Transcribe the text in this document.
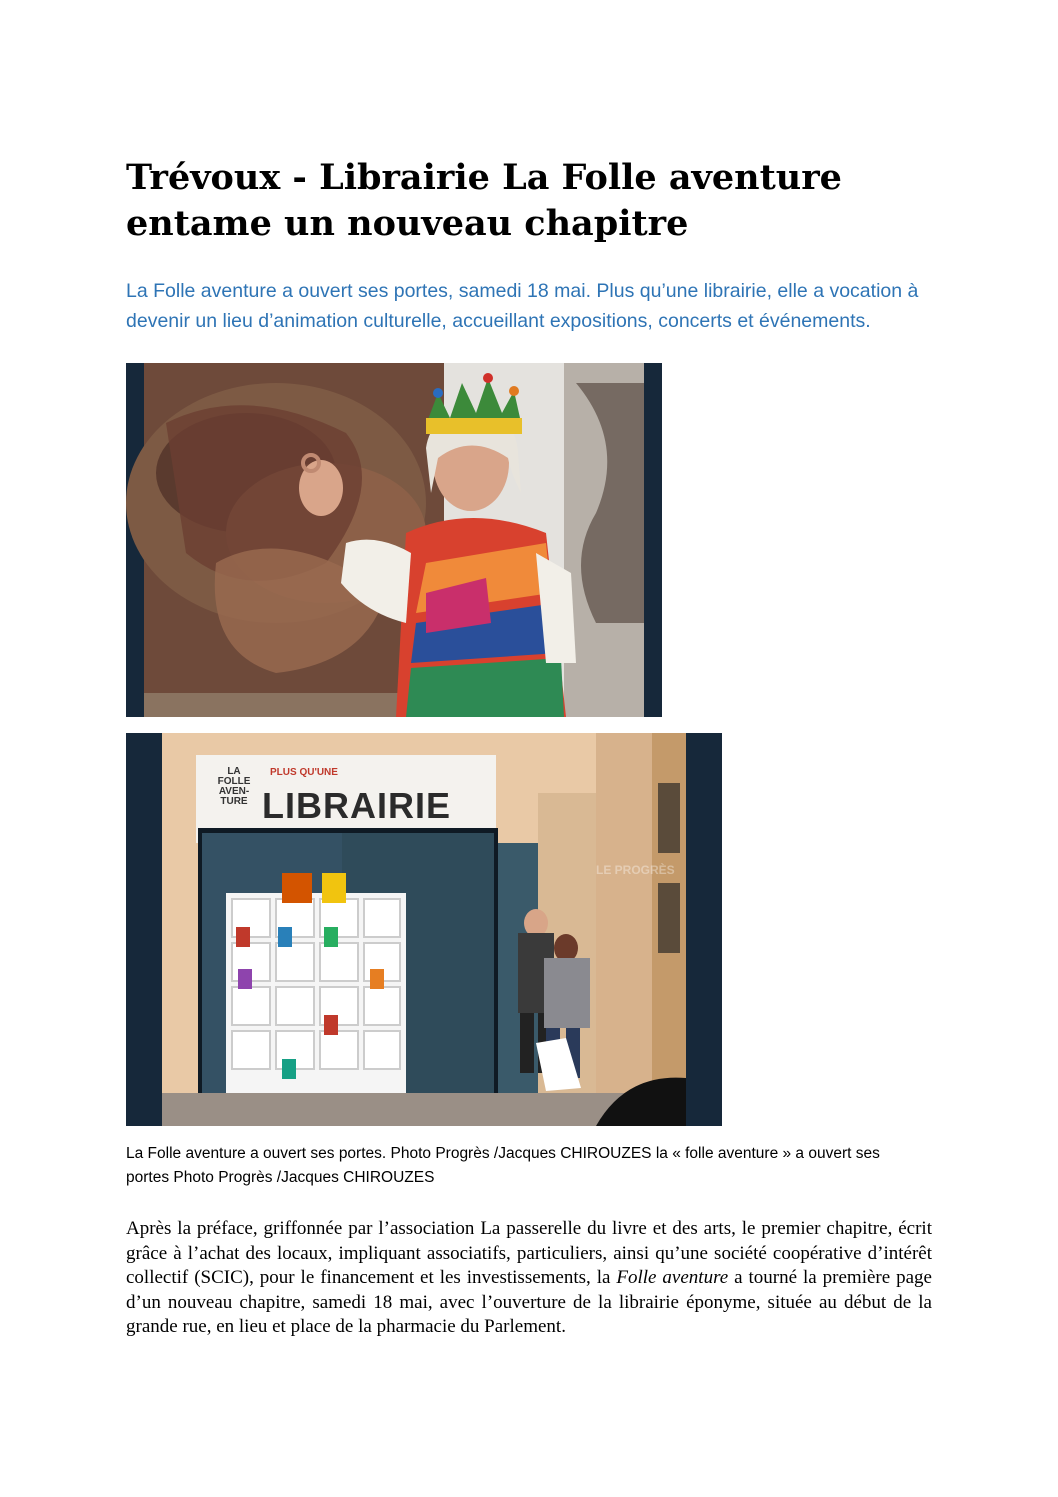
Trévoux - Librairie La Folle aventure entame un nouveau chapitre

La Folle aventure a ouvert ses portes, samedi 18 mai. Plus qu’une librairie, elle a vocation à devenir un lieu d’animation culturelle, accueillant expositions, concerts et événements.

LA
FOLLE
AVEN-
TURE
PLUS QU'UNE
LIBRAIRIE
LE PROGRÈS

La Folle aventure a ouvert ses portes. Photo Progrès /Jacques CHIROUZES la « folle aventure » a ouvert ses portes Photo Progrès /Jacques CHIROUZES

Après la préface, griffonnée par l’association La passerelle du livre et des arts, le premier chapitre, écrit grâce à l’achat des locaux, impliquant associatifs, particuliers, ainsi qu’une société coopérative d’intérêt collectif (SCIC), pour le financement et les investissements, la Folle aventure a tourné la première page d’un nouveau chapitre, samedi 18 mai, avec l’ouverture de la librairie éponyme, située au début de la grande rue, en lieu et place de la pharmacie du Parlement.
